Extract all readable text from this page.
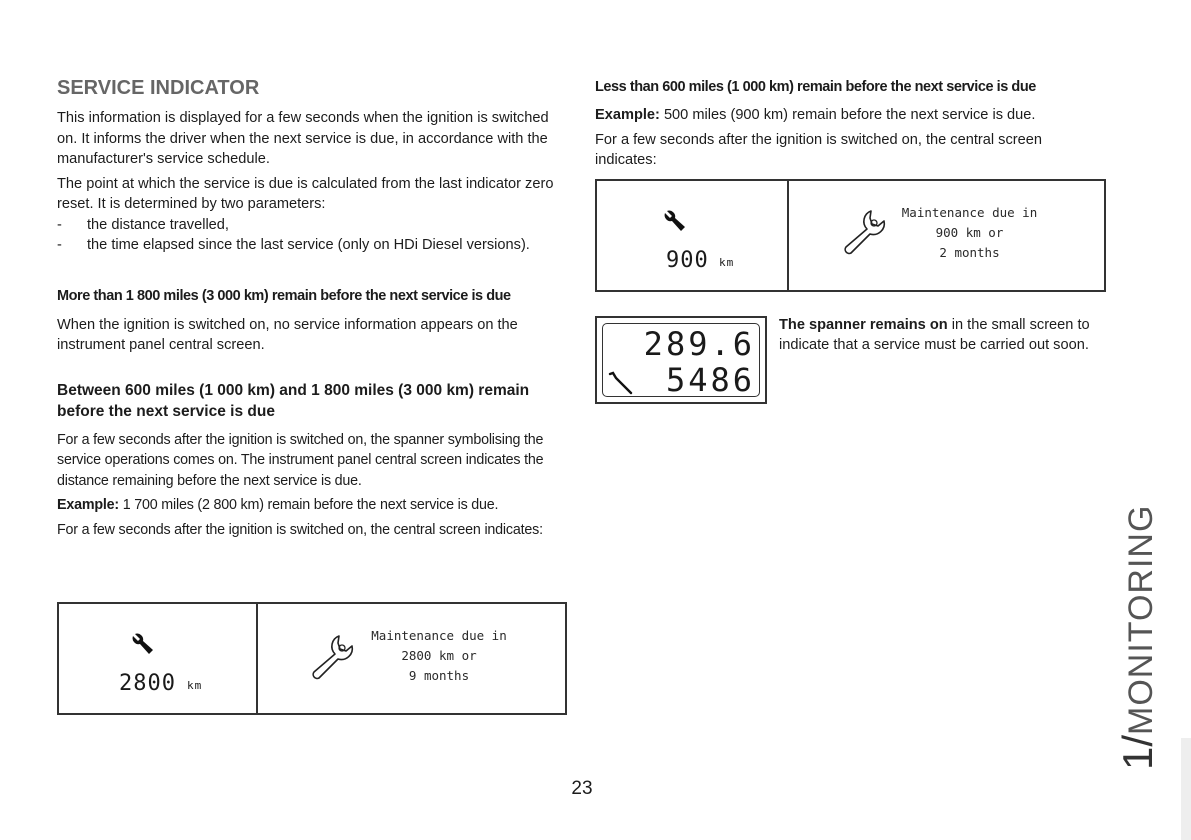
SERVICE INDICATOR

This information is displayed for a few seconds when the ignition is switched on. It informs the driver when the next service is due, in accordance with the manufacturer's service schedule.

The point at which the service is due is calculated from the last indicator zero reset. It is determined by two parameters:

- the distance travelled,
- the time elapsed since the last service (only on HDi Diesel versions).
More than 1 800 miles (3 000 km) remain before the next service is due

When the ignition is switched on, no service information appears on the instrument panel central screen.

Between 600 miles (1 000 km) and 1 800 miles (3 000 km) remain before the next service is due

For a few seconds after the ignition is switched on, the spanner symbolising the service operations comes on. The instrument panel central screen indicates the distance remaining before the next service is due.

Example: 1 700 miles (2 800 km) remain before the next service is due.

For a few seconds after the ignition is switched on, the central screen indicates:

2800 km
Maintenance due in
2800 km or
9 months
Less than 600 miles (1 000 km) remain before the next service is due

Example: 500 miles (900 km) remain before the next service is due.

For a few seconds after the ignition is switched on, the central screen indicates:

900 km
Maintenance due in
900 km or
2 months
289.6
5486

The spanner remains on in the small screen to indicate that a service must be carried out soon.

1/MONITORING
23
